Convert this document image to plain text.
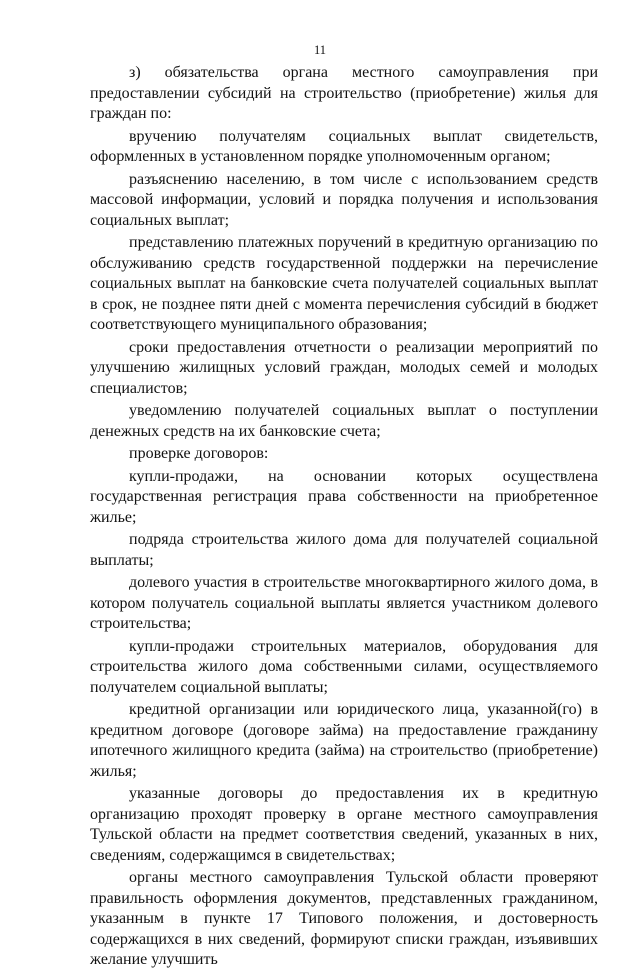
11

з) обязательства органа местного самоуправления при предоставлении субсидий на строительство (приобретение) жилья для граждан по:

вручению получателям социальных выплат свидетельств, оформленных в установленном порядке уполномоченным органом;

разъяснению населению, в том числе с использованием средств массовой информации, условий и порядка получения и использования социальных выплат;

представлению платежных поручений в кредитную организацию по обслуживанию средств государственной поддержки на перечисление социальных выплат на банковские счета получателей социальных выплат в срок, не позднее пяти дней с момента перечисления субсидий в бюджет соответствующего муниципального образования;

сроки предоставления отчетности о реализации мероприятий по улучшению жилищных условий граждан, молодых семей и молодых специалистов;

уведомлению получателей социальных выплат о поступлении денежных средств на их банковские счета;

проверке договоров:

купли-продажи, на основании которых осуществлена государственная регистрация права собственности на приобретенное жилье;

подряда строительства жилого дома для получателей социальной выплаты;

долевого участия в строительстве многоквартирного жилого дома, в котором получатель социальной выплаты является участником долевого строительства;

купли-продажи строительных материалов, оборудования для строительства жилого дома собственными силами, осуществляемого получателем социальной выплаты;

кредитной организации или юридического лица, указанной(го) в кредитном договоре (договоре займа) на предоставление гражданину ипотечного жилищного кредита (займа) на строительство (приобретение) жилья;

указанные договоры до предоставления их в кредитную организацию проходят проверку в органе местного самоуправления Тульской области на предмет соответствия сведений, указанных в них, сведениям, содержащимся в свидетельствах;

органы местного самоуправления Тульской области проверяют правильность оформления документов, представленных гражданином, указанным в пункте 17 Типового положения, и достоверность содержащихся в них сведений, формируют списки граждан, изъявивших желание улучшить
